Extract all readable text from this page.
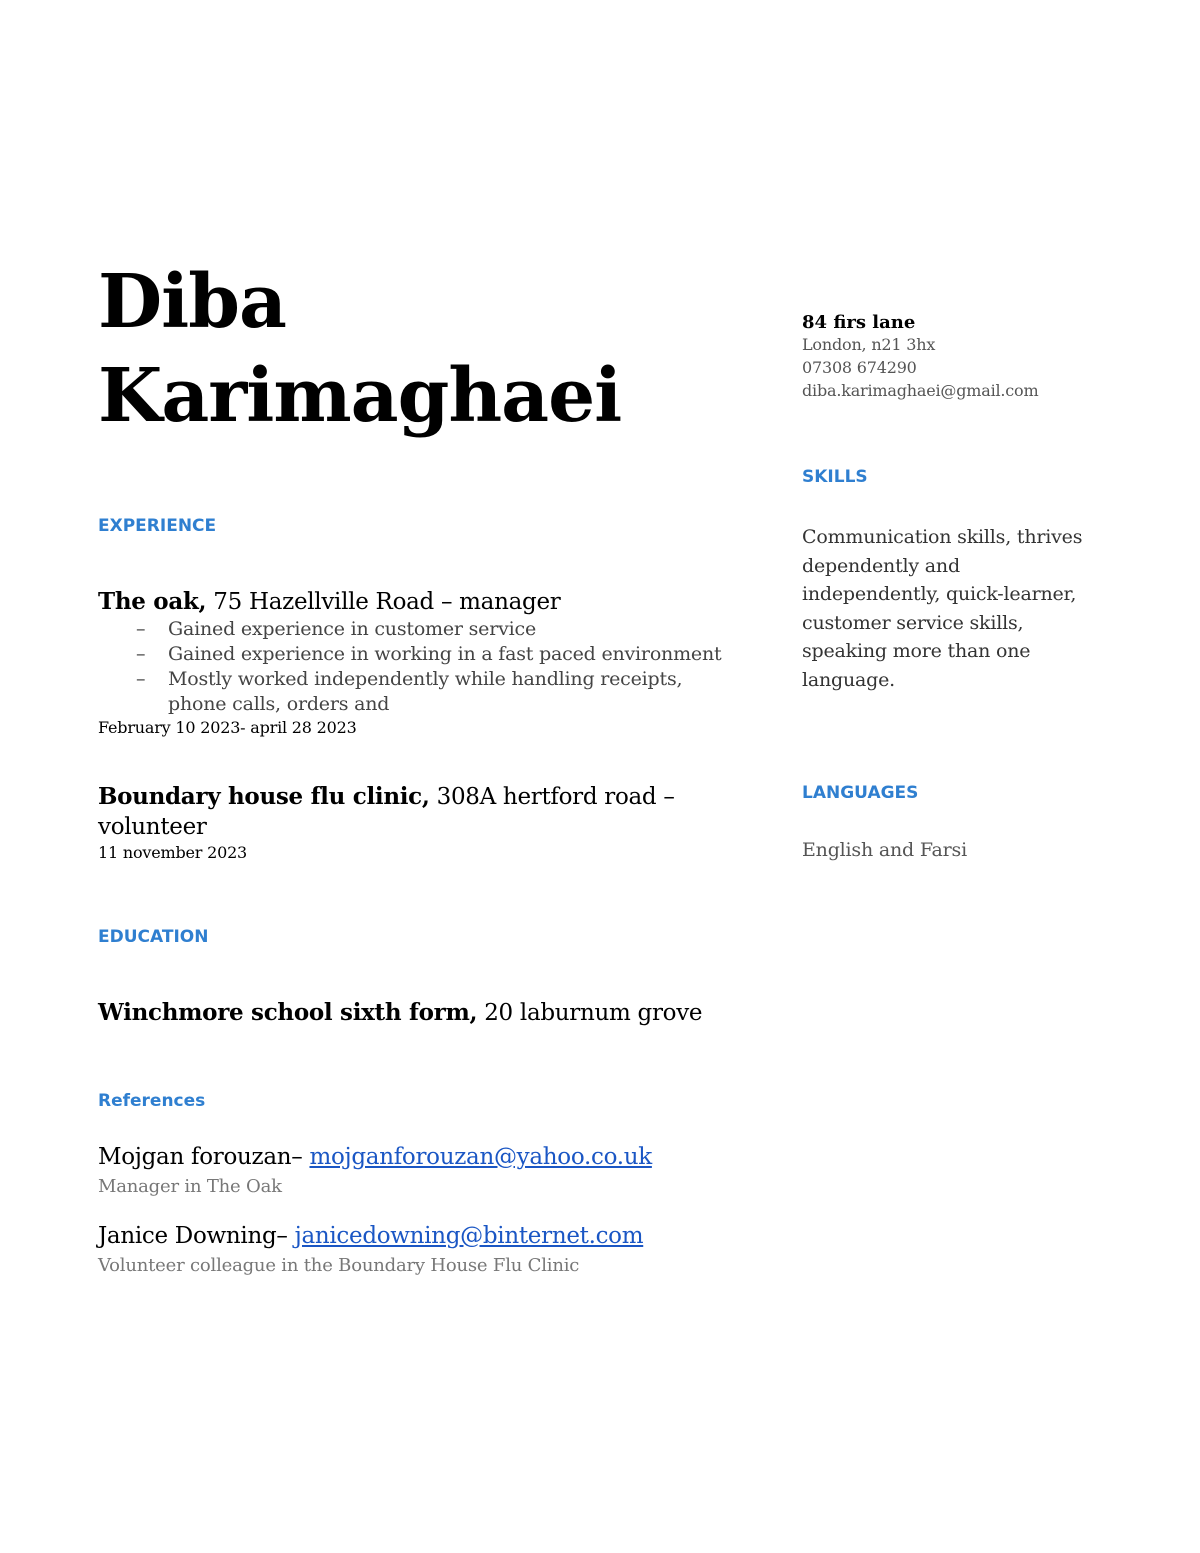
Diba
Karimaghaei
84 firs lane
London, n21 3hx
07308 674290
diba.karimaghaei@gmail.com
EXPERIENCE
The oak, 75 Hazellville Road – manager
– Gained experience in customer service
– Gained experience in working in a fast paced environment
– Mostly worked independently while handling receipts,
phone calls, orders and
February 10 2023- april 28 2023
Boundary house flu clinic, 308A hertford road –
volunteer
11 november 2023
EDUCATION
Winchmore school sixth form, 20 laburnum grove
References
Mojgan forouzan– mojganforouzan@yahoo.co.uk
Manager in The Oak
Janice Downing– janicedowning@binternet.com
Volunteer colleague in the Boundary House Flu Clinic
SKILLS
Communication skills, thrives
dependently and
independently, quick-learner,
customer service skills,
speaking more than one
language.
LANGUAGES
English and Farsi
